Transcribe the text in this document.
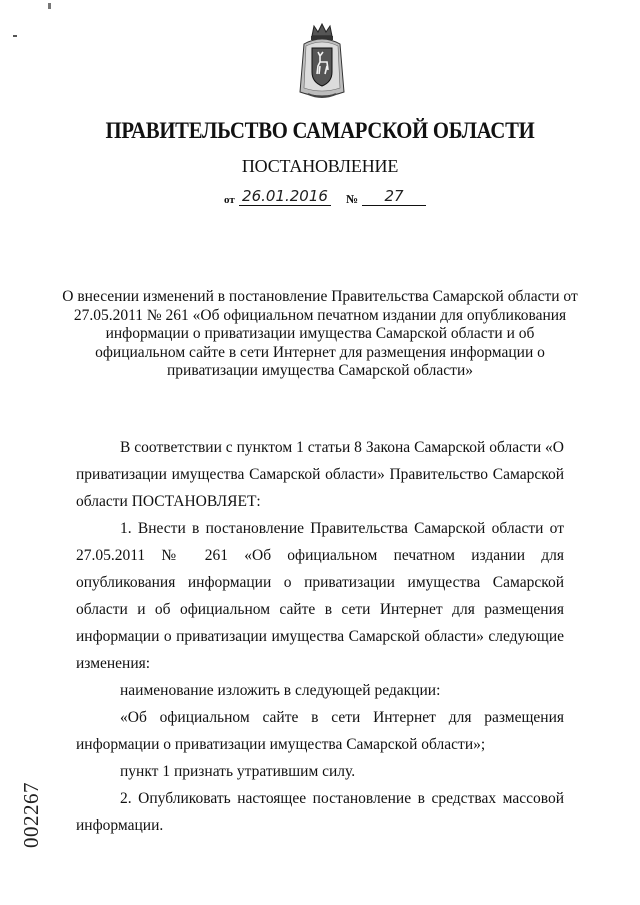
ПРАВИТЕЛЬСТВО САМАРСКОЙ ОБЛАСТИ
ПОСТАНОВЛЕНИЕ
от 26.01.2016 №	27
О внесении изменений в постановление Правительства Самарской области от 27.05.2011 № 261 «Об официальном печатном издании для опубликования информации о приватизации имущества Самарской области и об официальном сайте в сети Интернет для размещения информации о приватизации имущества Самарской области»

В соответствии с пунктом 1 статьи 8 Закона Самарской области «О приватизации имущества Самарской области» Правительство Самарской области ПОСТАНОВЛЯЕТ:

1. Внести в постановление Правительства Самарской области от 27.05.2011 № 261 «Об официальном печатном издании для опубликования информации о приватизации имущества Самарской области и об официальном сайте в сети Интернет для размещения информации о приватизации имущества Самарской области» следующие изменения:

наименование изложить в следующей редакции:

«Об официальном сайте в сети Интернет для размещения информации о приватизации имущества Самарской области»;

пункт 1 признать утратившим силу.

2. Опубликовать настоящее постановление в средствах массовой информации.

002267
